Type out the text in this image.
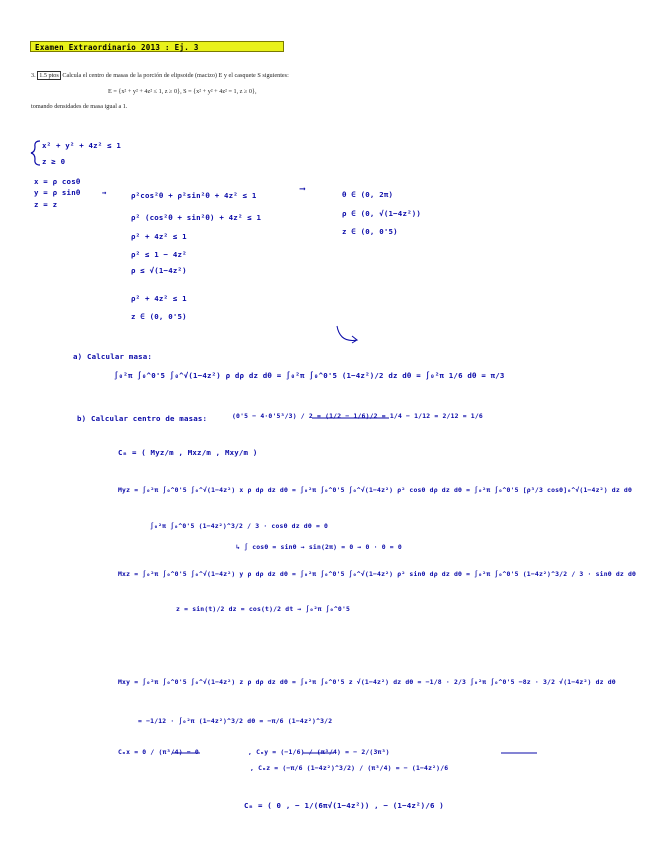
Examen Extraordinario 2013 : Ej. 3
3. 1.5 ptos Calcula el centro de masas de la porción de elipsoide (macizo) E y el casquete S siguientes:
E = {x² + y² + 4z² ≤ 1, z ≥ 0}, S = {x² + y² + 4z² = 1, z ≥ 0},
tomando densidades de masa igual a 1.
x² + y² + 4z² ≤ 1
z ≥ 0
x = ρ cosθ
y = ρ sinθ
z = z
→	ρ²cos²θ + ρ²sin²θ + 4z² ≤ 1
ρ² (cos²θ + sin²θ) + 4z² ≤ 1
ρ² + 4z² ≤ 1
ρ² ≤ 1 − 4z²
ρ ≤ √(1−4z²)
ρ² + 4z² ≤ 1
z ∈ (0, 0'5)
⟶
θ ∈ (0, 2π)
ρ ∈ (0, √(1−4z²))
z ∈ (0, 0'5)
a) Calcular masa:
∫₀²π ∫₀^0'5 ∫₀^√(1−4z²) ρ dρ dz dθ = ∫₀²π ∫₀^0'5 (1−4z²)/2 dz dθ = ∫₀²π 1/6 dθ = π/3
(0'5 − 4·0'5³/3) / 2 = (1/2 − 1/6)/2 = 1/4 − 1/12 = 2/12 = 1/6
b) Calcular centro de masas:
Cₘ = ( Myz/m , Mxz/m , Mxy/m )
Myz = ∫₀²π ∫₀^0'5 ∫₀^√(1−4z²) x ρ dρ dz dθ = ∫₀²π ∫₀^0'5 ∫₀^√(1−4z²) ρ² cosθ dρ dz dθ = ∫₀²π ∫₀^0'5 [ρ³/3 cosθ]₀^√(1−4z²) dz dθ
∫₀²π ∫₀^0'5 (1−4z²)^3/2 / 3 · cosθ dz dθ = 0
↳ ∫ cosθ = sinθ → sin(2π) = 0 → 0 · 0 = 0
Mxz = ∫₀²π ∫₀^0'5 ∫₀^√(1−4z²) y ρ dρ dz dθ = ∫₀²π ∫₀^0'5 ∫₀^√(1−4z²) ρ² sinθ dρ dz dθ = ∫₀²π ∫₀^0'5 (1−4z²)^3/2 / 3 · sinθ dz dθ
z = sin(t)/2 dz = cos(t)/2 dt → ∫₀²π ∫₀^0'5
Mxy = ∫₀²π ∫₀^0'5 ∫₀^√(1−4z²) z ρ dρ dz dθ = ∫₀²π ∫₀^0'5 z √(1−4z²) dz dθ = −1/8 · 2/3 ∫₀²π ∫₀^0'5 −8z · 3/2 √(1−4z²) dz dθ
= −1/12 · ∫₀²π (1−4z²)^3/2 dθ = −π/6 (1−4z²)^3/2
Cₘx = 0 / (π³/4) = 0	, Cₘy = (−1/6) / (π³/4) = − 2/(3π³)
, Cₘz = (−π/6 (1−4z²)^3/2) / (π³/4) = − (1−4z²)/6
Cₘ = ( 0 , − 1/(6π√(1−4z²)) , − (1−4z²)/6 )
